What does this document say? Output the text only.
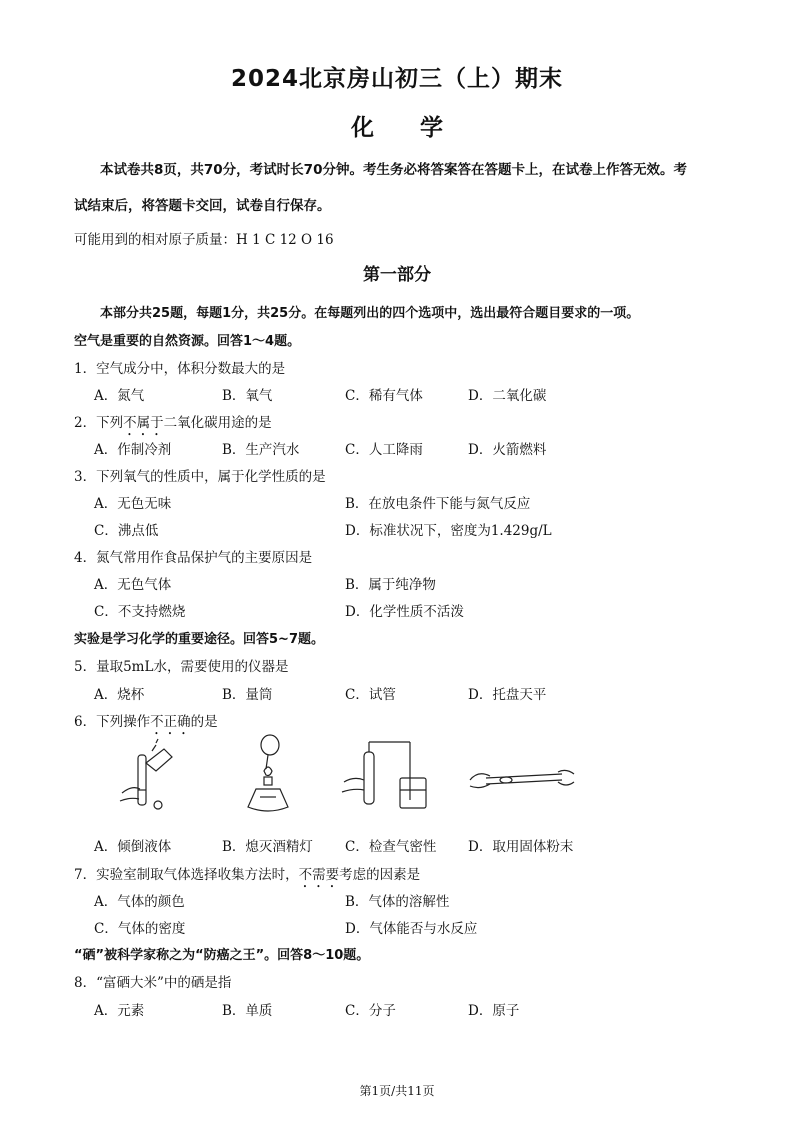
2024北京房山初三（上）期末
化学
本试卷共8页，共70分，考试时长70分钟。考生务必将答案答在答题卡上，在试卷上作答无效。考
试结束后，将答题卡交回，试卷自行保存。
可能用到的相对原子质量：H 1 C 12 O 16
第一部分
本部分共25题，每题1分，共25分。在每题列出的四个选项中，选出最符合题目要求的一项。
空气是重要的自然资源。回答1～4题。
1．空气成分中，体积分数最大的是
A．氮气	B．氧气	C．稀有气体	D．二氧化碳
2．下列不属于二氧化碳用途的是
A．作制冷剂	B．生产汽水	C．人工降雨	D．火箭燃料
3．下列氧气的性质中，属于化学性质的是
A．无色无味	B．在放电条件下能与氮气反应
C．沸点低	D．标准状况下，密度为1.429g/L
4．氮气常用作食品保护气的主要原因是
A．无色气体	B．属于纯净物
C．不支持燃烧	D．化学性质不活泼
实验是学习化学的重要途径。回答5~7题。
5．量取5mL水，需要使用的仪器是
A．烧杯	B．量筒	C．试管	D．托盘天平
6．下列操作不正确的是
A．倾倒液体	B．熄灭酒精灯 C．检查气密性 D．取用固体粉末
7．实验室制取气体选择收集方法时，不需要考虑的因素是
A．气体的颜色	B．气体的溶解性
C．气体的密度	D．气体能否与水反应
“硒”被科学家称之为“防癌之王”。回答8～10题。
8．“富硒大米”中的硒是指
A．元素	B．单质	C．分子	D．原子
第1页/共11页
